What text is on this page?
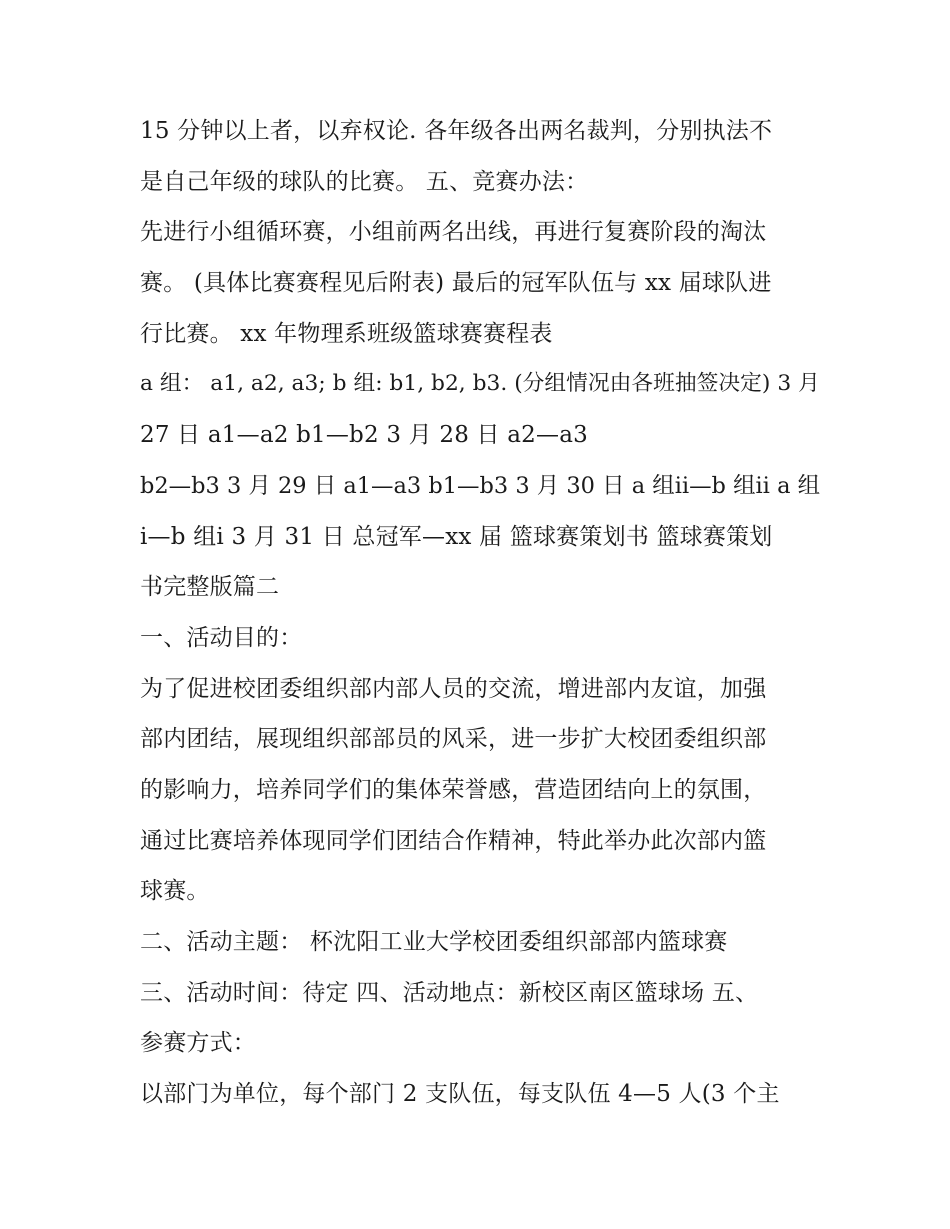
15 分钟以上者，以弃权论. 各年级各出两名裁判，分别执法不
是自己年级的球队的比赛。 五、竞赛办法：
先进行小组循环赛，小组前两名出线，再进行复赛阶段的淘汰
赛。 (具体比赛赛程见后附表) 最后的冠军队伍与 xx 届球队进
行比赛。 xx 年物理系班级篮球赛赛程表
a 组： a1, a2, a3; b 组: b1, b2, b3. (分组情况由各班抽签决定) 3 月
27 日 a1—a2 b1—b2 3 月 28 日 a2—a3
b2—b3 3 月 29 日 a1—a3 b1—b3 3 月 30 日 a 组ⅱ—b 组ⅱ a 组
ⅰ—b 组ⅰ 3 月 31 日 总冠军—xx 届 篮球赛策划书 篮球赛策划
书完整版篇二
一、活动目的：
为了促进校团委组织部内部人员的交流，增进部内友谊，加强
部内团结，展现组织部部员的风采，进一步扩大校团委组织部
的影响力，培养同学们的集体荣誉感，营造团结向上的氛围，
通过比赛培养体现同学们团结合作精神，特此举办此次部内篮
球赛。
二、活动主题： 杯沈阳工业大学校团委组织部部内篮球赛
三、活动时间：待定 四、活动地点：新校区南区篮球场 五、
参赛方式：
以部门为单位，每个部门 2 支队伍，每支队伍 4—5 人(3 个主
